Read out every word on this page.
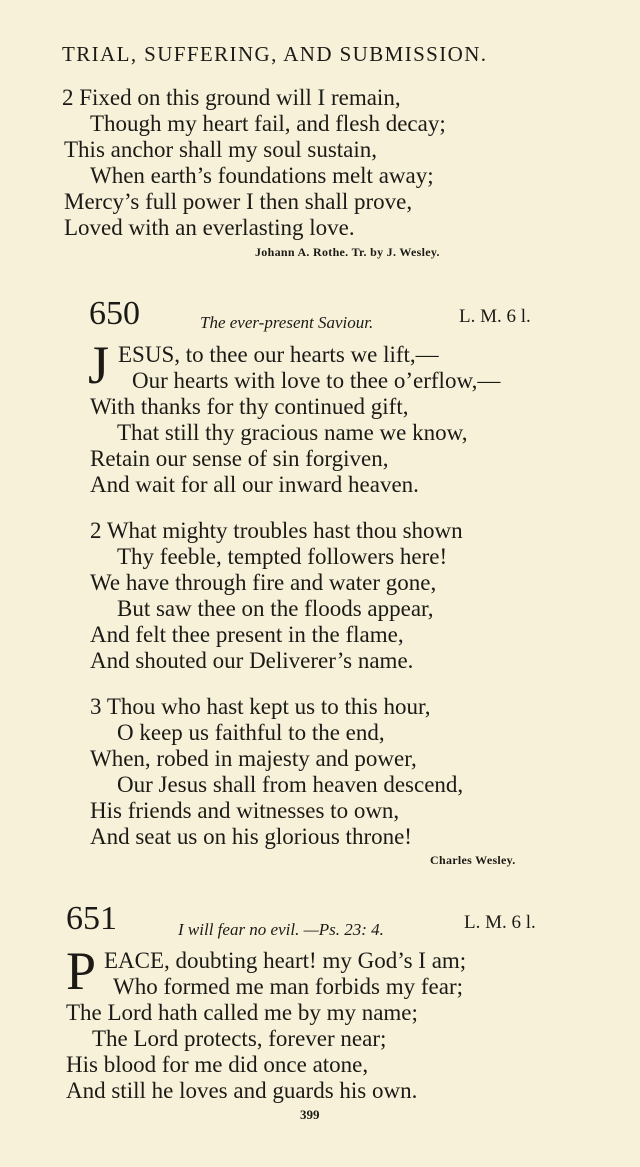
TRIAL, SUFFERING, AND SUBMISSION.
2 Fixed on this ground will I remain,
Though my heart fail, and flesh decay;
This anchor shall my soul sustain,
When earth’s foundations melt away;
Mercy’s full power I then shall prove,
Loved with an everlasting love.
Johann A. Rothe. Tr. by J. Wesley.
650	The ever-present Saviour.	L. M. 6 l.
J ESUS, to thee our hearts we lift,—
Our hearts with love to thee o’erflow,—
With thanks for thy continued gift,
That still thy gracious name we know,
Retain our sense of sin forgiven,
And wait for all our inward heaven.
2 What mighty troubles hast thou shown
Thy feeble, tempted followers here!
We have through fire and water gone,
But saw thee on the floods appear,
And felt thee present in the flame,
And shouted our Deliverer’s name.
3 Thou who hast kept us to this hour,
O keep us faithful to the end,
When, robed in majesty and power,
Our Jesus shall from heaven descend,
His friends and witnesses to own,
And seat us on his glorious throne!
Charles Wesley.
651	I will fear no evil. —Ps. 23: 4.	L. M. 6 l.
P EACE, doubting heart! my God’s I am;
Who formed me man forbids my fear;
The Lord hath called me by my name;
The Lord protects, forever near;
His blood for me did once atone,
And still he loves and guards his own.
399
